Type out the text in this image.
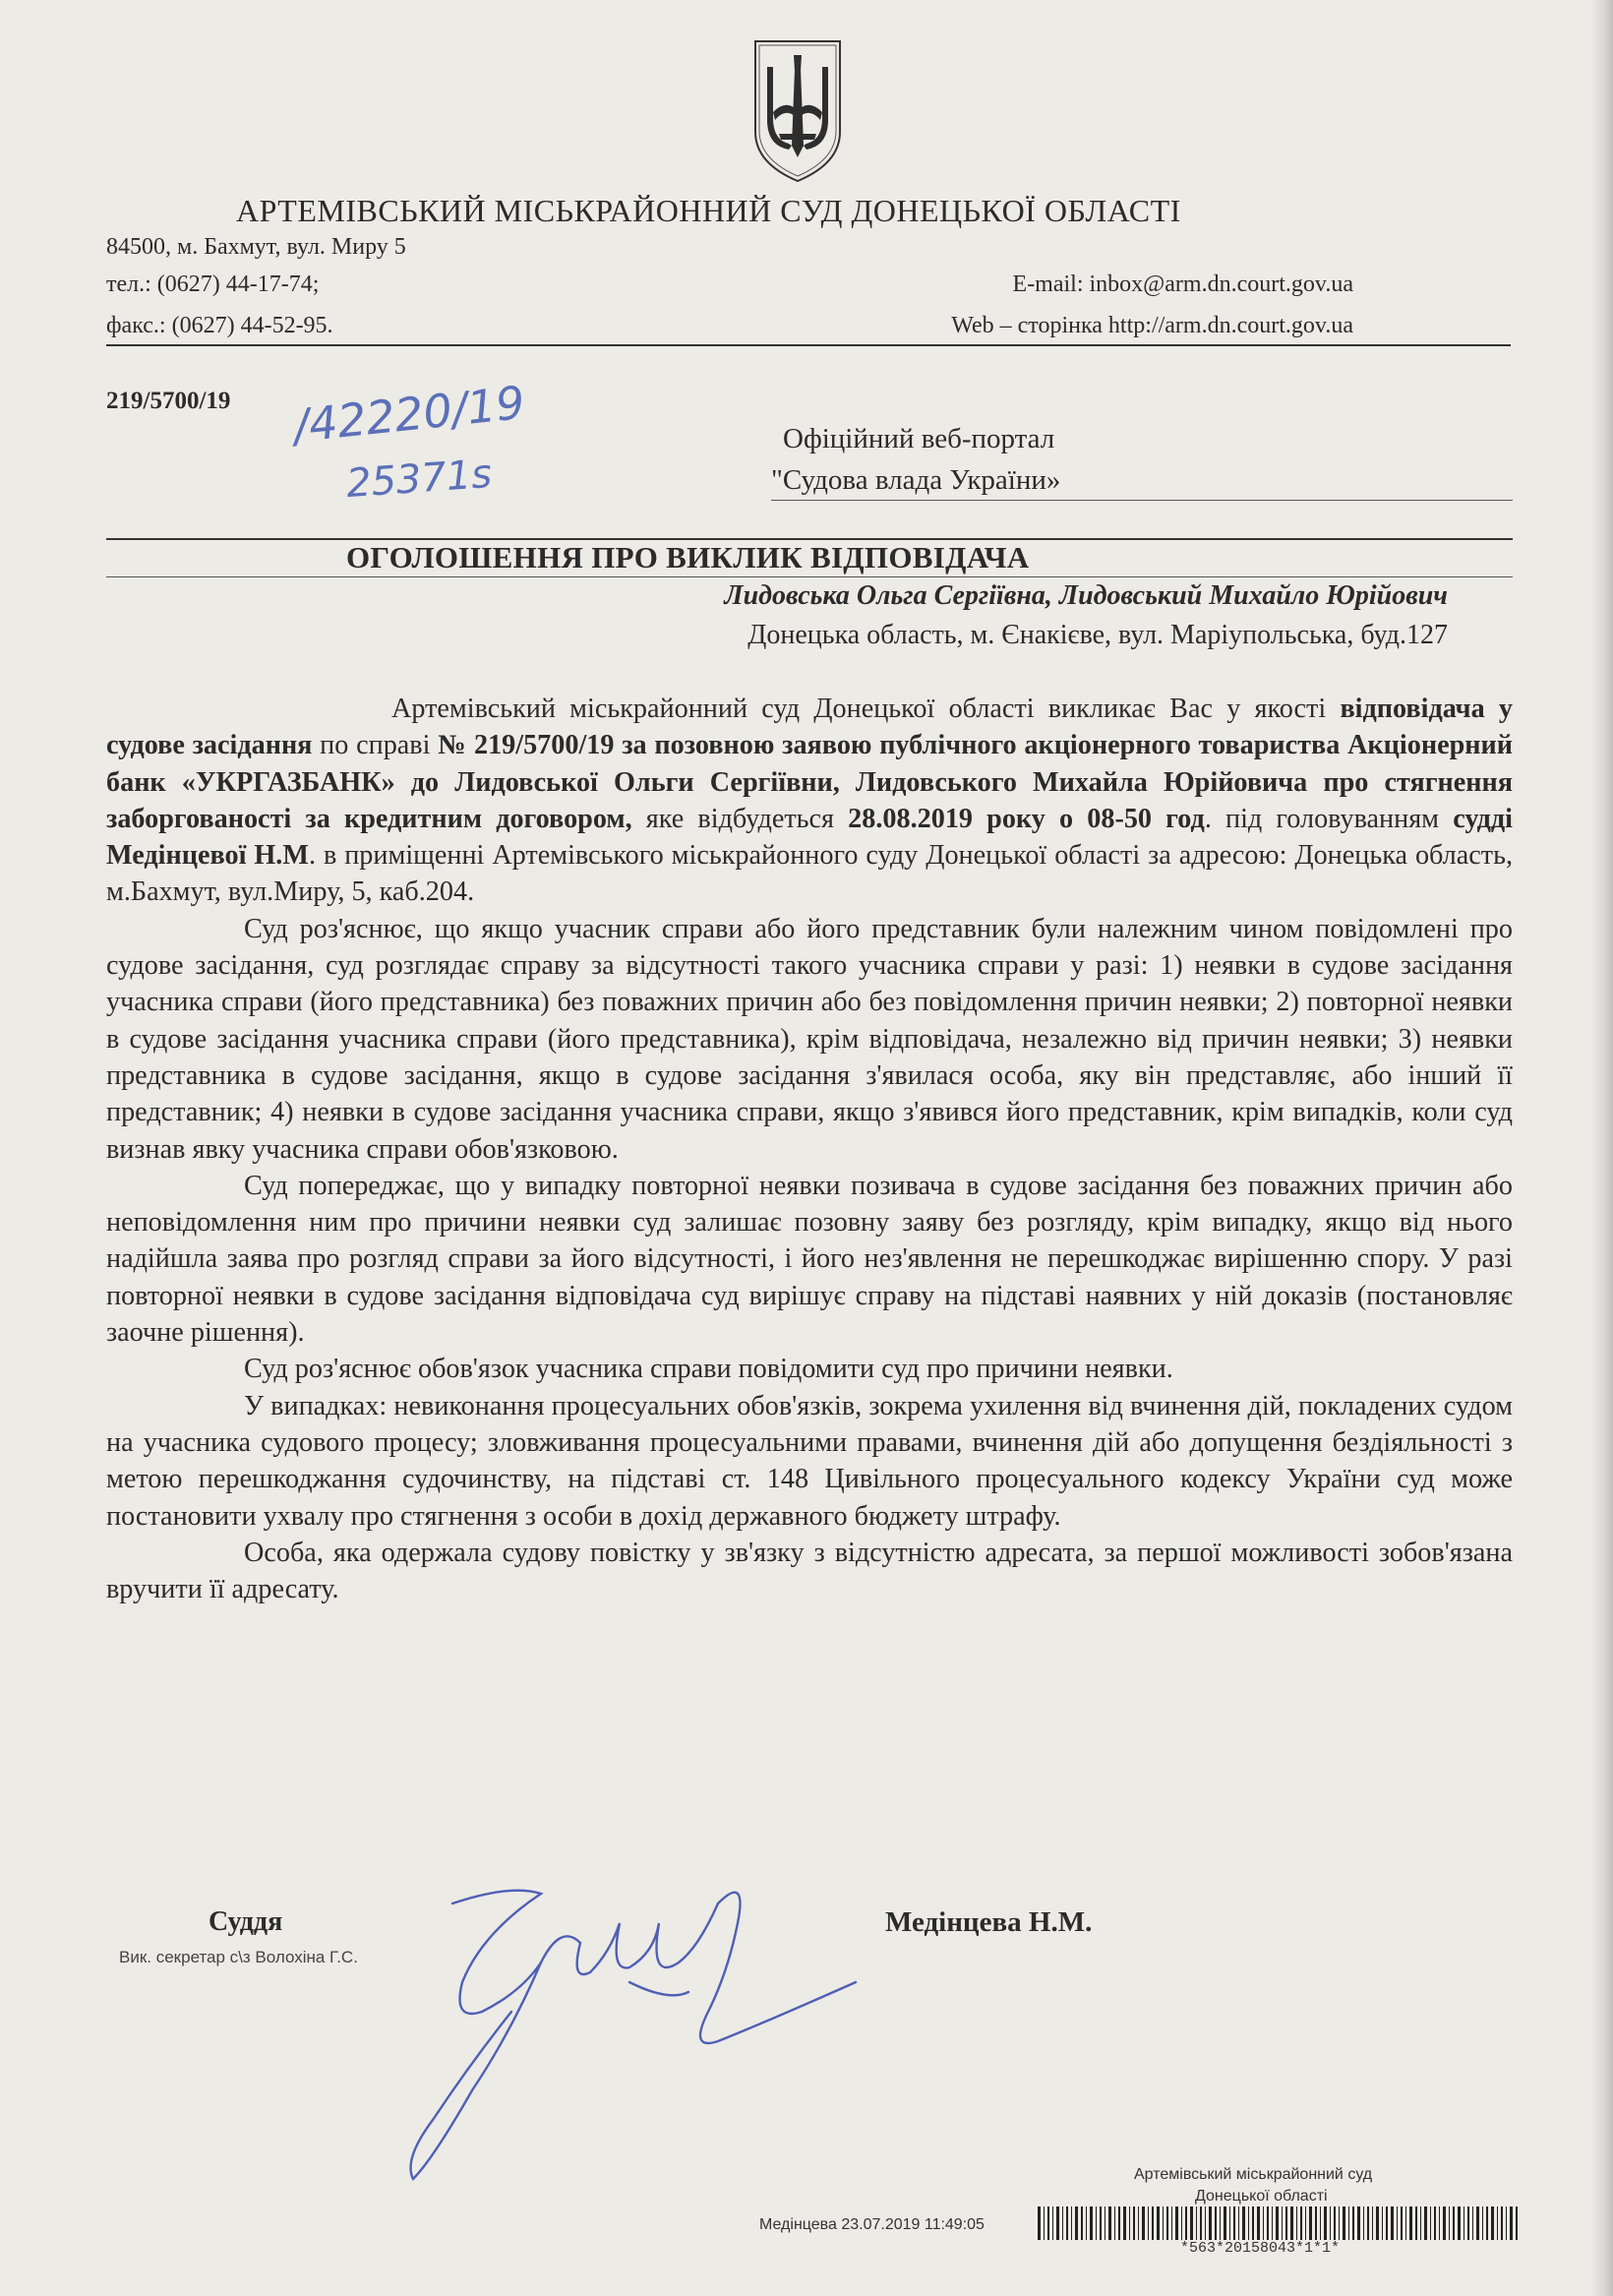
АРТЕМІВСЬКИЙ МІСЬКРАЙОННИЙ СУД ДОНЕЦЬКОЇ ОБЛАСТІ
84500, м. Бахмут, вул. Миру 5
тел.: (0627) 44-17-74;
факс.: (0627) 44-52-95.
E-mail: inbox@arm.dn.court.gov.ua
Web – сторінка http://arm.dn.court.gov.ua
219/5700/19 /42220/19
25371s
Офіційний веб-портал
"Судова влада України»
ОГОЛОШЕННЯ ПРО ВИКЛИК ВІДПОВІДАЧА
Лидовська Ольга Сергіївна, Лидовський Михайло Юрійович
Донецька область, м. Єнакієве, вул. Маріупольська, буд.127

Артемівський міськрайонний суд Донецької області викликає Вас у якості відповідача у судове засідання по справі № 219/5700/19 за позовною заявою публічного акціонерного товариства Акціонерний банк «УКРГАЗБАНК» до Лидовської Ольги Сергіївни, Лидовського Михайла Юрійовича про стягнення заборгованості за кредитним договором, яке відбудеться 28.08.2019 року о 08-50 год. під головуванням судді Медінцевої Н.М. в приміщенні Артемівського міськрайонного суду Донецької області за адресою: Донецька область, м.Бахмут, вул.Миру, 5, каб.204.

Суд роз'яснює, що якщо учасник справи або його представник були належним чином повідомлені про судове засідання, суд розглядає справу за відсутності такого учасника справи у разі: 1) неявки в судове засідання учасника справи (його представника) без поважних причин або без повідомлення причин неявки; 2) повторної неявки в судове засідання учасника справи (його представника), крім відповідача, незалежно від причин неявки; 3) неявки представника в судове засідання, якщо в судове засідання з'явилася особа, яку він представляє, або інший її представник; 4) неявки в судове засідання учасника справи, якщо з'явився його представник, крім випадків, коли суд визнав явку учасника справи обов'язковою.

Суд попереджає, що у випадку повторної неявки позивача в судове засідання без поважних причин або неповідомлення ним про причини неявки суд залишає позовну заяву без розгляду, крім випадку, якщо від нього надійшла заява про розгляд справи за його відсутності, і його нез'явлення не перешкоджає вирішенню спору. У разі повторної неявки в судове засідання відповідача суд вирішує справу на підставі наявних у ній доказів (постановляє заочне рішення).

Суд роз'яснює обов'язок учасника справи повідомити суд про причини неявки.

У випадках: невиконання процесуальних обов'язків, зокрема ухилення від вчинення дій, покладених судом на учасника судового процесу; зловживання процесуальними правами, вчинення дій або допущення бездіяльності з метою перешкоджання судочинству, на підставі ст. 148 Цивільного процесуального кодексу України суд може постановити ухвалу про стягнення з особи в дохід державного бюджету штрафу.

Особа, яка одержала судову повістку у зв'язку з відсутністю адресата, за першої можливості зобов'язана вручити її адресату.

Суддя
Вик. секретар с\з Волохіна Г.С.
Медінцева Н.М.
Артемівський міськрайонний суд
Донецької області
Медінцева 23.07.2019 11:49:05
*563*20158043*1*1*
